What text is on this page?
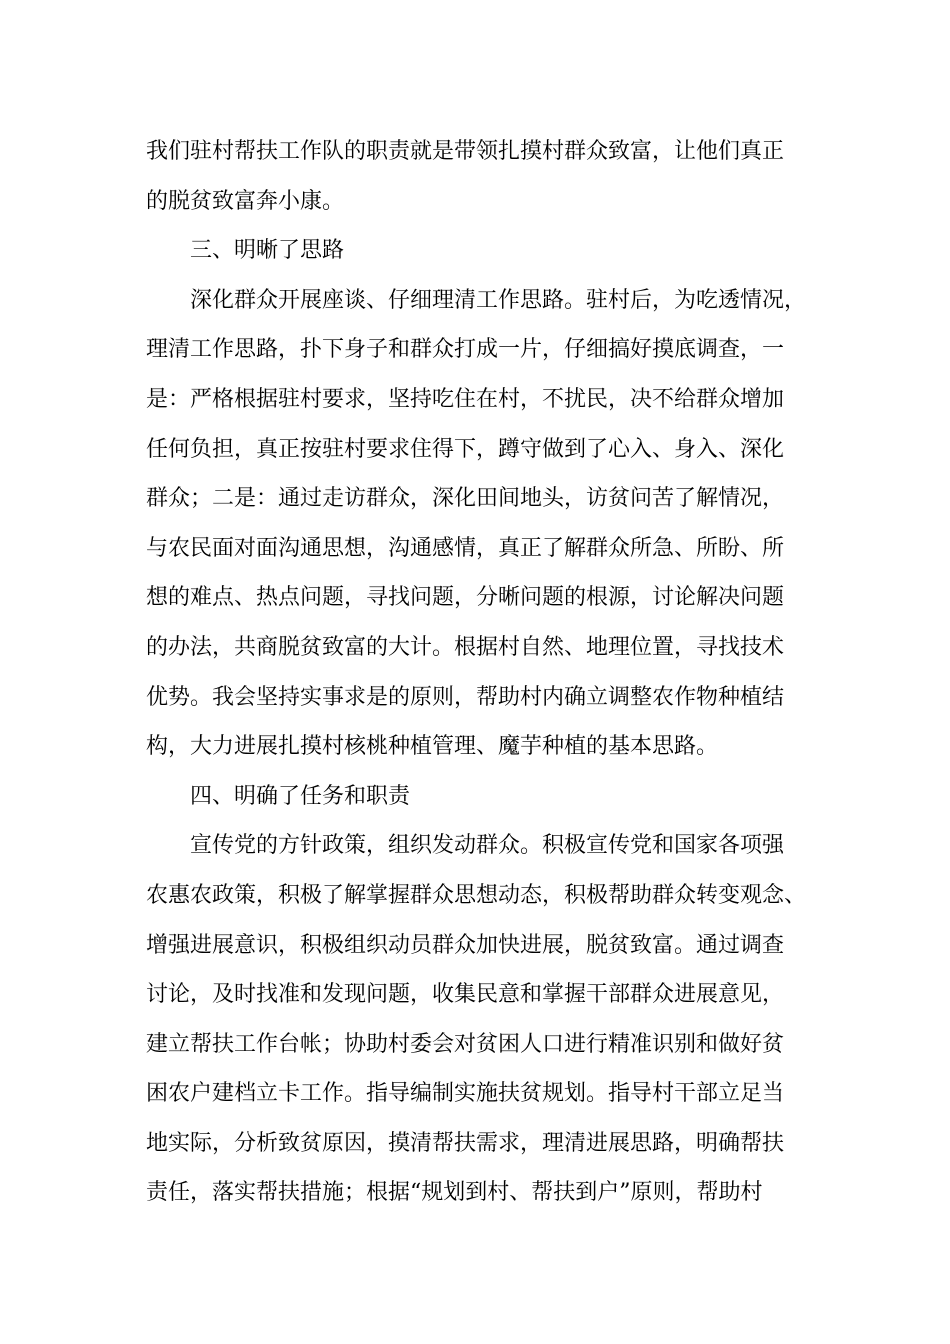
我们驻村帮扶工作队的职责就是带领扎摸村群众致富，让他们真正
的脱贫致富奔小康。
三、明晰了思路
深化群众开展座谈、仔细理清工作思路。驻村后，为吃透情况，
理清工作思路，扑下身子和群众打成一片，仔细搞好摸底调查，一
是：严格根据驻村要求，坚持吃住在村，不扰民，决不给群众增加
任何负担，真正按驻村要求住得下，蹲守做到了心入、身入、深化
群众；二是：通过走访群众，深化田间地头，访贫问苦了解情况，
与农民面对面沟通思想，沟通感情，真正了解群众所急、所盼、所
想的难点、热点问题，寻找问题，分晰问题的根源，讨论解决问题
的办法，共商脱贫致富的大计。根据村自然、地理位置，寻找技术
优势。我会坚持实事求是的原则，帮助村内确立调整农作物种植结
构，大力进展扎摸村核桃种植管理、魔芋种植的基本思路。
四、明确了任务和职责
宣传党的方针政策，组织发动群众。积极宣传党和国家各项强
农惠农政策，积极了解掌握群众思想动态，积极帮助群众转变观念、
增强进展意识，积极组织动员群众加快进展，脱贫致富。通过调查
讨论，及时找准和发现问题，收集民意和掌握干部群众进展意见，
建立帮扶工作台帐；协助村委会对贫困人口进行精准识别和做好贫
困农户建档立卡工作。指导编制实施扶贫规划。指导村干部立足当
地实际，分析致贫原因，摸清帮扶需求，理清进展思路，明确帮扶
责任，落实帮扶措施；根据“规划到村、帮扶到户”原则，帮助村
